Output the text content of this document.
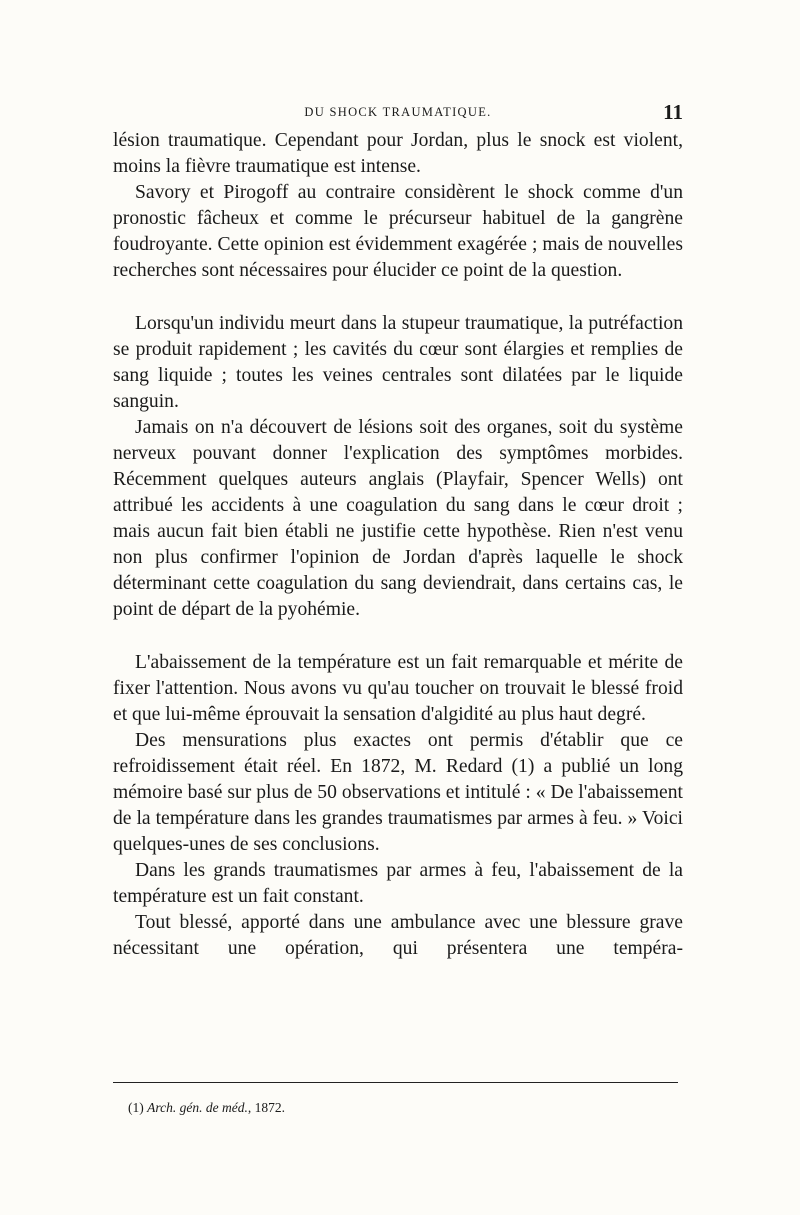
DU SHOCK TRAUMATIQUE.	11

lésion traumatique. Cependant pour Jordan, plus le snock est violent, moins la fièvre traumatique est intense.

Savory et Pirogoff au contraire considèrent le shock comme d'un pronostic fâcheux et comme le précurseur habituel de la gangrène foudroyante. Cette opinion est évidemment exagérée ; mais de nouvelles recherches sont nécessaires pour élucider ce point de la question.

Lorsqu'un individu meurt dans la stupeur traumatique, la putréfaction se produit rapidement ; les cavités du cœur sont élargies et remplies de sang liquide ; toutes les veines centrales sont dilatées par le liquide sanguin.

Jamais on n'a découvert de lésions soit des organes, soit du système nerveux pouvant donner l'explication des symptômes morbides. Récemment quelques auteurs anglais (Playfair, Spencer Wells) ont attribué les accidents à une coagulation du sang dans le cœur droit ; mais aucun fait bien établi ne justifie cette hypothèse. Rien n'est venu non plus confirmer l'opinion de Jordan d'après laquelle le shock déterminant cette coagulation du sang deviendrait, dans certains cas, le point de départ de la pyohémie.

L'abaissement de la température est un fait remarquable et mérite de fixer l'attention. Nous avons vu qu'au toucher on trouvait le blessé froid et que lui-même éprouvait la sensation d'algidité au plus haut degré.

Des mensurations plus exactes ont permis d'établir que ce refroidissement était réel. En 1872, M. Redard (1) a publié un long mémoire basé sur plus de 50 observations et intitulé : « De l'abaissement de la température dans les grandes traumatismes par armes à feu. » Voici quelques-unes de ses conclusions.

Dans les grands traumatismes par armes à feu, l'abaissement de la température est un fait constant.

Tout blessé, apporté dans une ambulance avec une blessure grave nécessitant une opération, qui présentera une tempéra-

(1) Arch. gén. de méd., 1872.
